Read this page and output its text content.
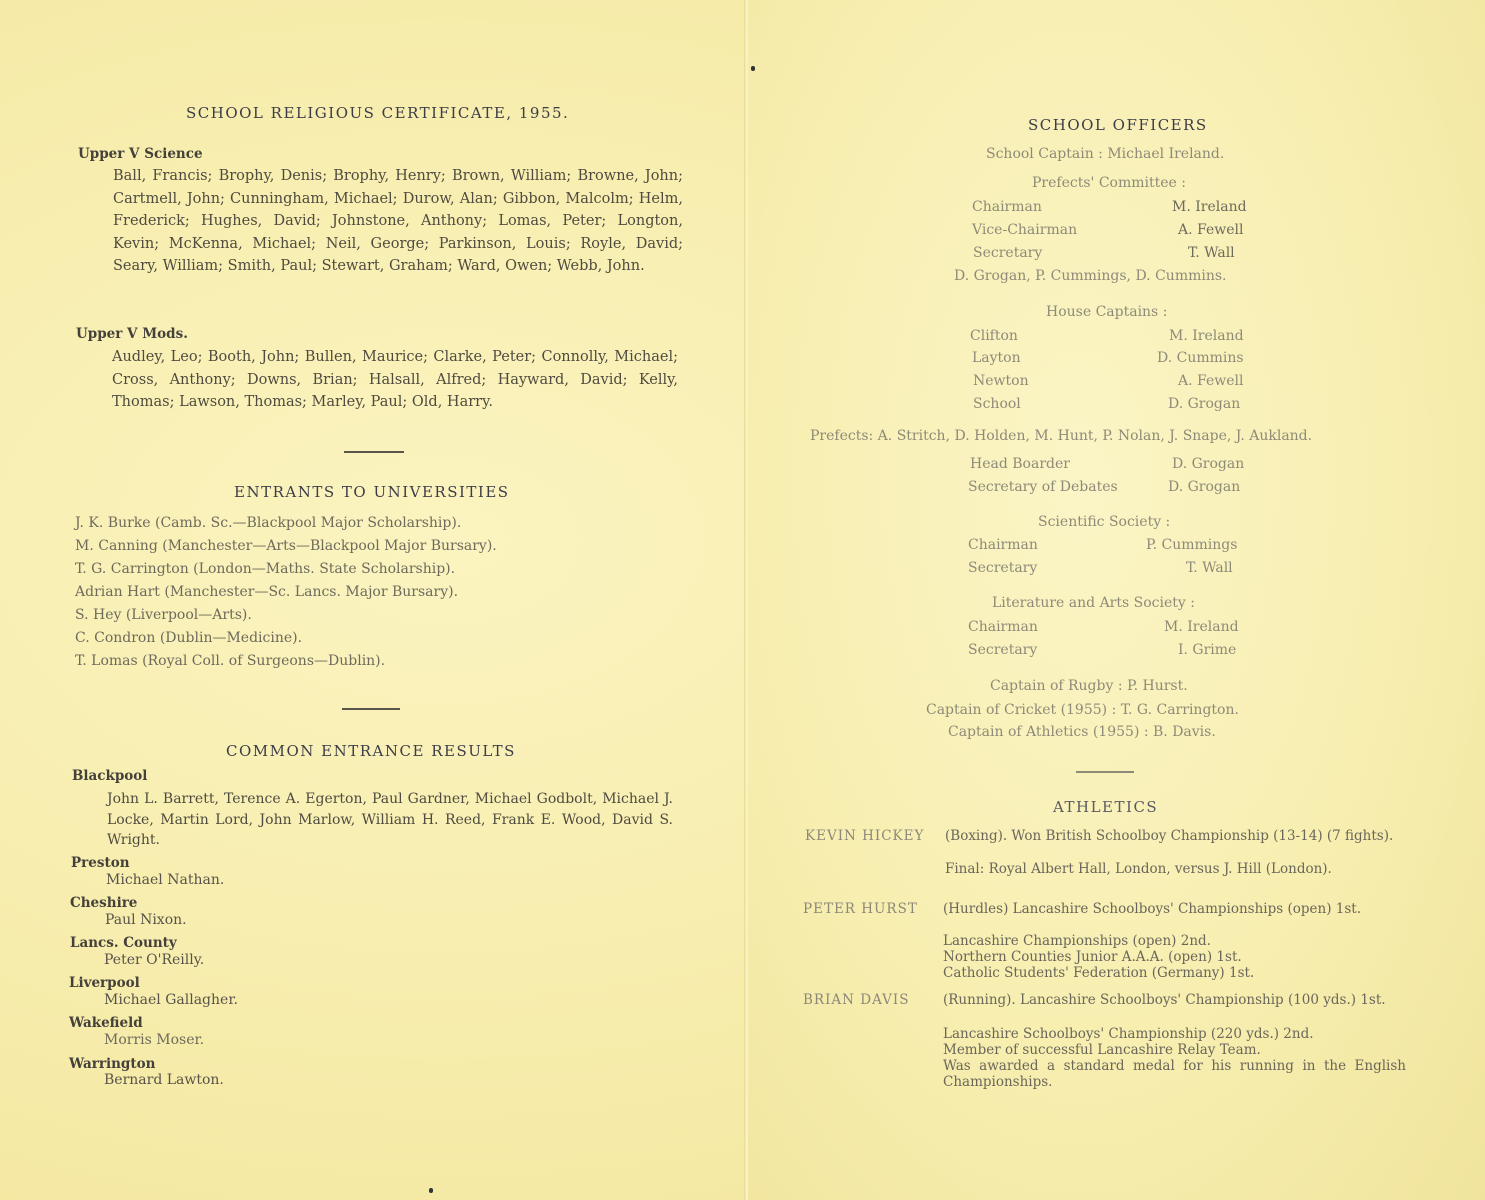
SCHOOL RELIGIOUS CERTIFICATE, 1955.
Upper V Science
Ball, Francis; Brophy, Denis; Brophy, Henry; Brown, William; Browne, John; Cartmell, John; Cunningham, Michael; Durow, Alan; Gibbon, Malcolm; Helm, Frederick; Hughes, David; Johnstone, Anthony; Lomas, Peter; Longton, Kevin; McKenna, Michael; Neil, George; Parkinson, Louis; Royle, David; Seary, William; Smith, Paul; Stewart, Graham; Ward, Owen; Webb, John.
Upper V Mods.
Audley, Leo; Booth, John; Bullen, Maurice; Clarke, Peter; Connolly, Michael; Cross, Anthony; Downs, Brian; Halsall, Alfred; Hayward, David; Kelly, Thomas; Lawson, Thomas; Marley, Paul; Old, Harry.
ENTRANTS TO UNIVERSITIES
J. K. Burke (Camb. Sc.—Blackpool Major Scholarship).
M. Canning (Manchester—Arts—Blackpool Major Bursary).
T. G. Carrington (London—Maths. State Scholarship).
Adrian Hart (Manchester—Sc. Lancs. Major Bursary).
S. Hey (Liverpool—Arts).
C. Condron (Dublin—Medicine).
T. Lomas (Royal Coll. of Surgeons—Dublin).
COMMON ENTRANCE RESULTS
Blackpool
John L. Barrett, Terence A. Egerton, Paul Gardner, Michael Godbolt, Michael J. Locke, Martin Lord, John Marlow, William H. Reed, Frank E. Wood, David S. Wright.
Preston
Michael Nathan.
Cheshire
Paul Nixon.
Lancs. County
Peter O'Reilly.
Liverpool
Michael Gallagher.
Wakefield
Morris Moser.
Warrington
Bernard Lawton.
SCHOOL OFFICERS
School Captain : Michael Ireland.
Prefects' Committee :
Chairman	M. Ireland
Vice-Chairman	A. Fewell
Secretary	T. Wall
D. Grogan, P. Cummings, D. Cummins.
House Captains :
Clifton	M. Ireland
Layton	D. Cummins
Newton	A. Fewell
School	D. Grogan
Prefects: A. Stritch, D. Holden, M. Hunt, P. Nolan, J. Snape, J. Aukland.
Head Boarder	D. Grogan
Secretary of Debates	D. Grogan
Scientific Society :
Chairman	P. Cummings
Secretary	T. Wall
Literature and Arts Society :
Chairman	M. Ireland
Secretary	I. Grime
Captain of Rugby : P. Hurst.
Captain of Cricket (1955) : T. G. Carrington.
Captain of Athletics (1955) : B. Davis.
ATHLETICS
KEVIN HICKEY (Boxing). Won British Schoolboy Championship (13-14) (7 fights).
Final: Royal Albert Hall, London, versus J. Hill (London).
PETER HURST (Hurdles) Lancashire Schoolboys' Championships (open) 1st.
Lancashire Championships (open) 2nd.
Northern Counties Junior A.A.A. (open) 1st.
Catholic Students' Federation (Germany) 1st.
BRIAN DAVIS (Running). Lancashire Schoolboys' Championship (100 yds.) 1st.
Lancashire Schoolboys' Championship (220 yds.) 2nd.
Member of successful Lancashire Relay Team.
Was awarded a standard medal for his running in the English Championships.
